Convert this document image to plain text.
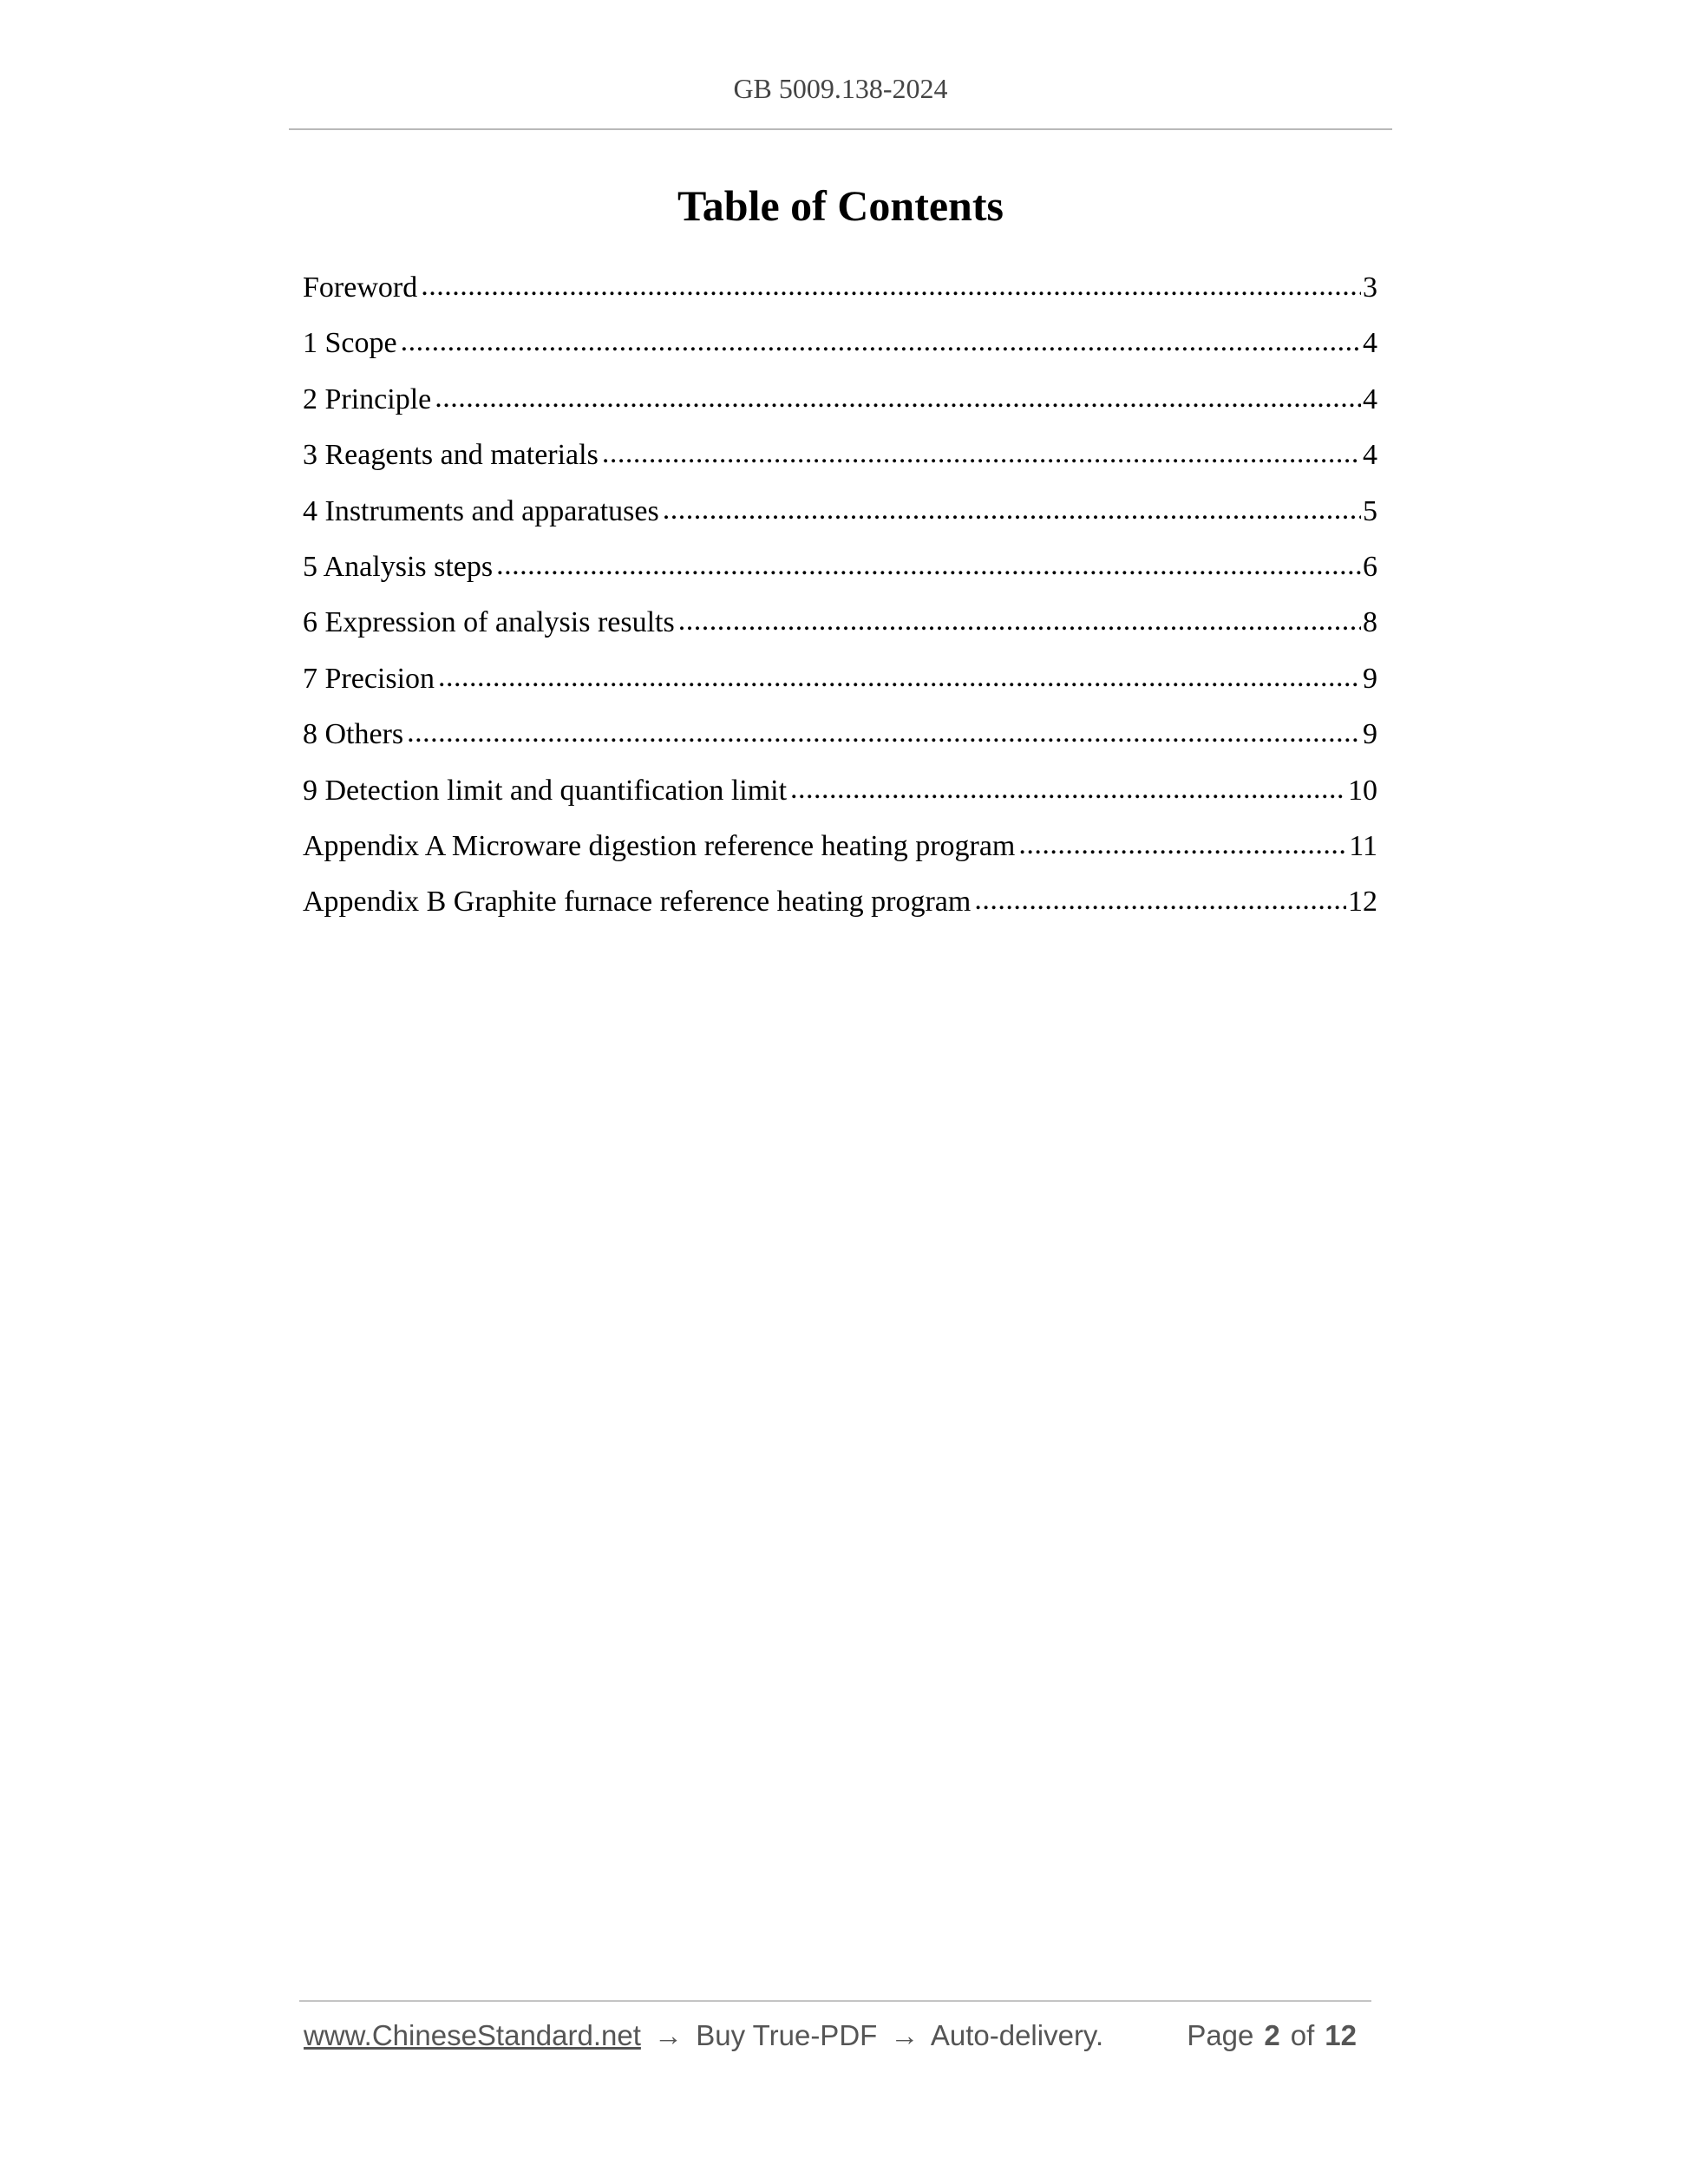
GB 5009.138-2024
Table of Contents
Foreword .....	3
1 Scope .....	4
2 Principle .....	4
3 Reagents and materials .....	4
4 Instruments and apparatuses .....	5
5 Analysis steps .....	6
6 Expression of analysis results .....	8
7 Precision .....	9
8 Others .....	9
9 Detection limit and quantification limit .....	10
Appendix A Microware digestion reference heating program .....	11
Appendix B Graphite furnace reference heating program .....	12
www.ChineseStandard.net → Buy True-PDF → Auto-delivery.	Page 2 of 12
